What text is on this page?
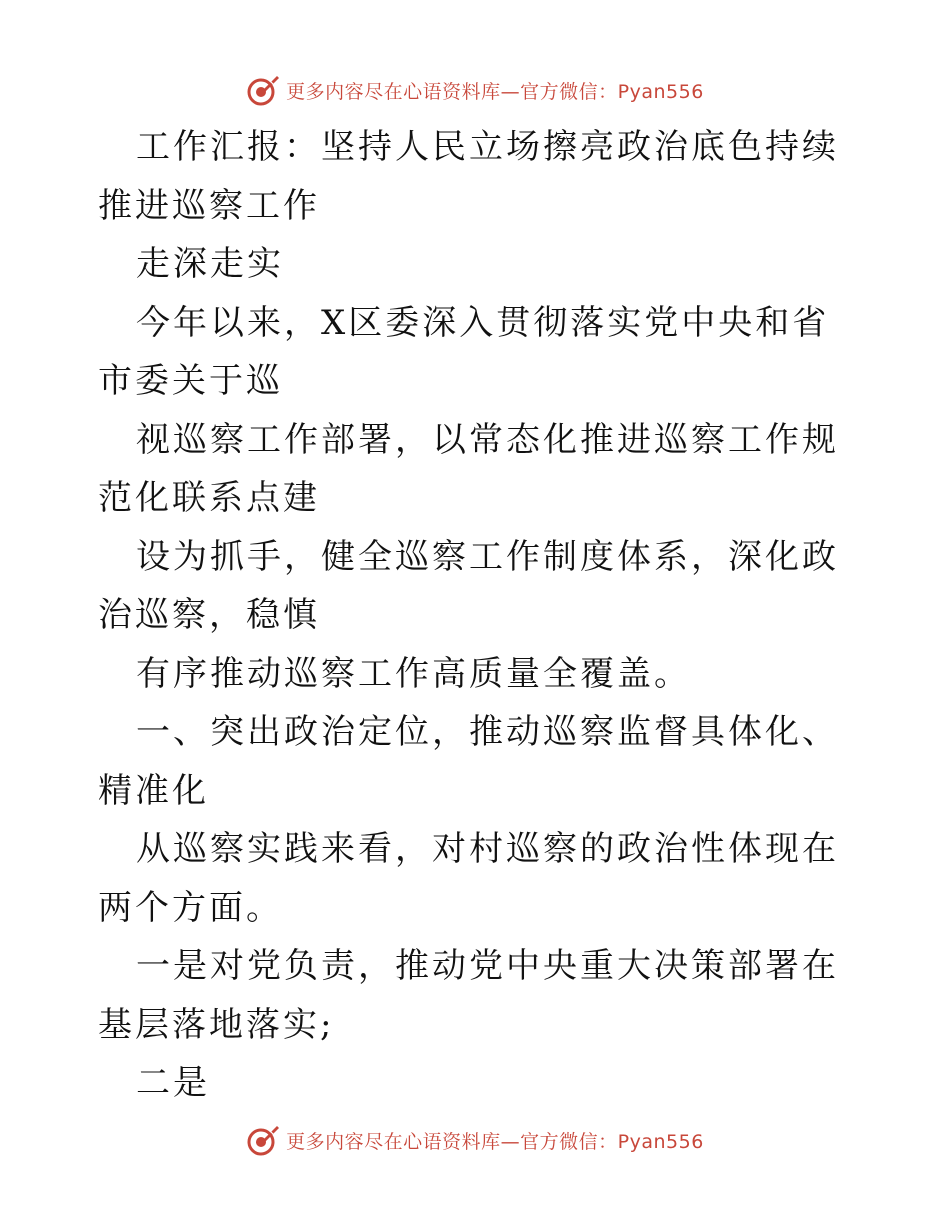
更多内容尽在心语资料库—官方微信：Pyan556

工作汇报：坚持人民立场擦亮政治底色持续推进巡察工作

走深走实

今年以来，X区委深入贯彻落实党中央和省市委关于巡

视巡察工作部署，以常态化推进巡察工作规范化联系点建

设为抓手，健全巡察工作制度体系，深化政治巡察，稳慎

有序推动巡察工作高质量全覆盖。

一、突出政治定位，推动巡察监督具体化、精准化

从巡察实践来看，对村巡察的政治性体现在两个方面。

一是对党负责，推动党中央重大决策部署在基层落地落实;

二是

更多内容尽在心语资料库—官方微信：Pyan556
